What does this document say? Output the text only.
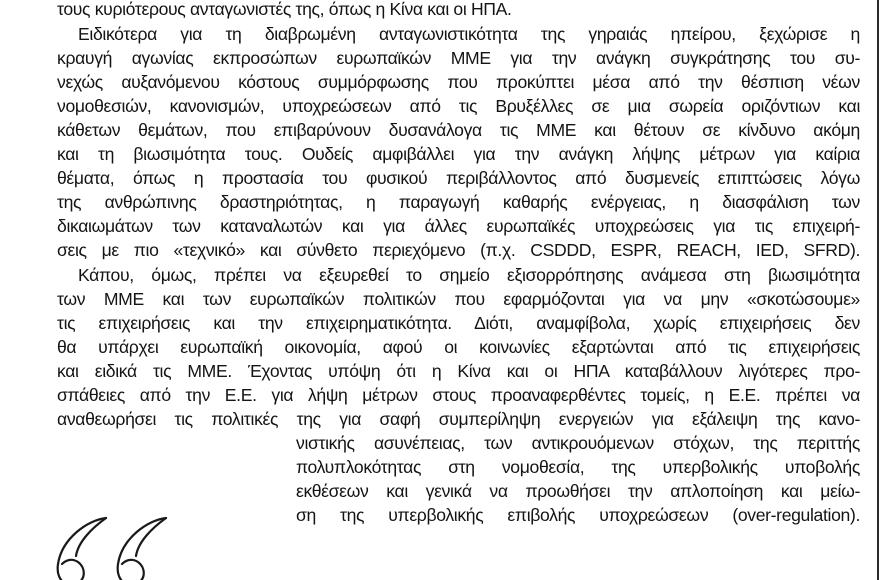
τους κυριότερους ανταγωνιστές της, όπως η Κίνα και οι ΗΠΑ.
Ειδικότερα για τη διαβρωμένη ανταγωνιστικότητα της γηραιάς ηπείρου, ξεχώρισε η
κραυγή αγωνίας εκπροσώπων ευρωπαϊκών ΜΜΕ για την ανάγκη συγκράτησης του συ-
νεχώς αυξανόμενου κόστους συμμόρφωσης που προκύπτει μέσα από την θέσπιση νέων
νομοθεσιών, κανονισμών, υποχρεώσεων από τις Βρυξέλλες σε μια σωρεία οριζόντιων και
κάθετων θεμάτων, που επιβαρύνουν δυσανάλογα τις ΜΜΕ και θέτουν σε κίνδυνο ακόμη
και τη βιωσιμότητα τους. Ουδείς αμφιβάλλει για την ανάγκη λήψης μέτρων για καίρια
θέματα, όπως η προστασία του φυσικού περιβάλλοντος από δυσμενείς επιπτώσεις λόγω
της ανθρώπινης δραστηριότητας, η παραγωγή καθαρής ενέργειας, η διασφάλιση των
δικαιωμάτων των καταναλωτών και για άλλες ευρωπαϊκές υποχρεώσεις για τις επιχειρή-
σεις με πιο «τεχνικό» και σύνθετο περιεχόμενο (π.χ. CSDDD, ESPR, REACH, IED, SFRD).
Κάπου, όμως, πρέπει να εξευρεθεί το σημείο εξισορρόπησης ανάμεσα στη βιωσιμότητα
των ΜΜΕ και των ευρωπαϊκών πολιτικών που εφαρμόζονται για να μην «σκοτώσουμε»
τις επιχειρήσεις και την επιχειρηματικότητα. Διότι, αναμφίβολα, χωρίς επιχειρήσεις δεν
θα υπάρχει ευρωπαϊκή οικονομία, αφού οι κοινωνίες εξαρτώνται από τις επιχειρήσεις
και ειδικά τις ΜΜΕ. Έχοντας υπόψη ότι η Κίνα και οι ΗΠΑ καταβάλλουν λιγότερες προ-
σπάθειες από την Ε.Ε. για λήψη μέτρων στους προαναφερθέντες τομείς, η Ε.Ε. πρέπει να
αναθεωρήσει τις πολιτικές της για σαφή συμπερίληψη ενεργειών για εξάλειψη της κανο-
νιστικής ασυνέπειας, των αντικρουόμενων στόχων, της περιττής
πολυπλοκότητας στη νομοθεσία, της υπερβολικής υποβολής
εκθέσεων και γενικά να προωθήσει την απλοποίηση και μείω-
ση της υπερβολικής επιβολής υποχρεώσεων (over-regulation).
